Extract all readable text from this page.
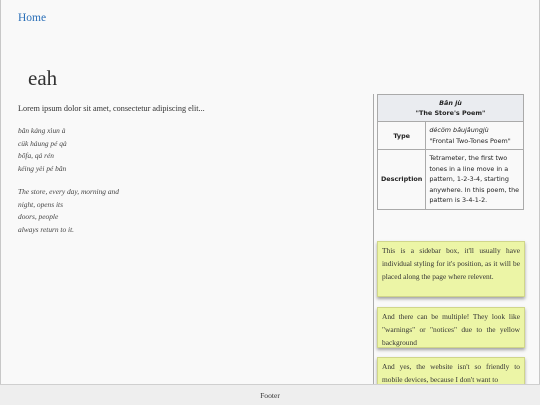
Home
eah

Lorem ipsum dolor sit amet, consectetur adipiscing elit...

bân káng xìun à
cük háung pé qà
bõfa, qá rén
kéing yèi pé bân
The store, every day, morning and
night, opens its
doors, people
always return to it.
Bân jù
"The Store's Poem"	

Type	décöm bâujâungjù
"Frontal Two-Tones Poem"

Description	Tetrameter, the first two tones in a line move in a pattern, 1-2-3-4, starting anywhere. In this poem, the pattern is 3-4-1-2.
This is a sidebar box, it'll usually have individual styling for it's position, as it will be placed along the page where relevent.
And there can be multiple! They look like "warnings" or "notices" due to the yellow background
And yes, the website isn't so friendly to mobile devices, because I don't want to
Footer
